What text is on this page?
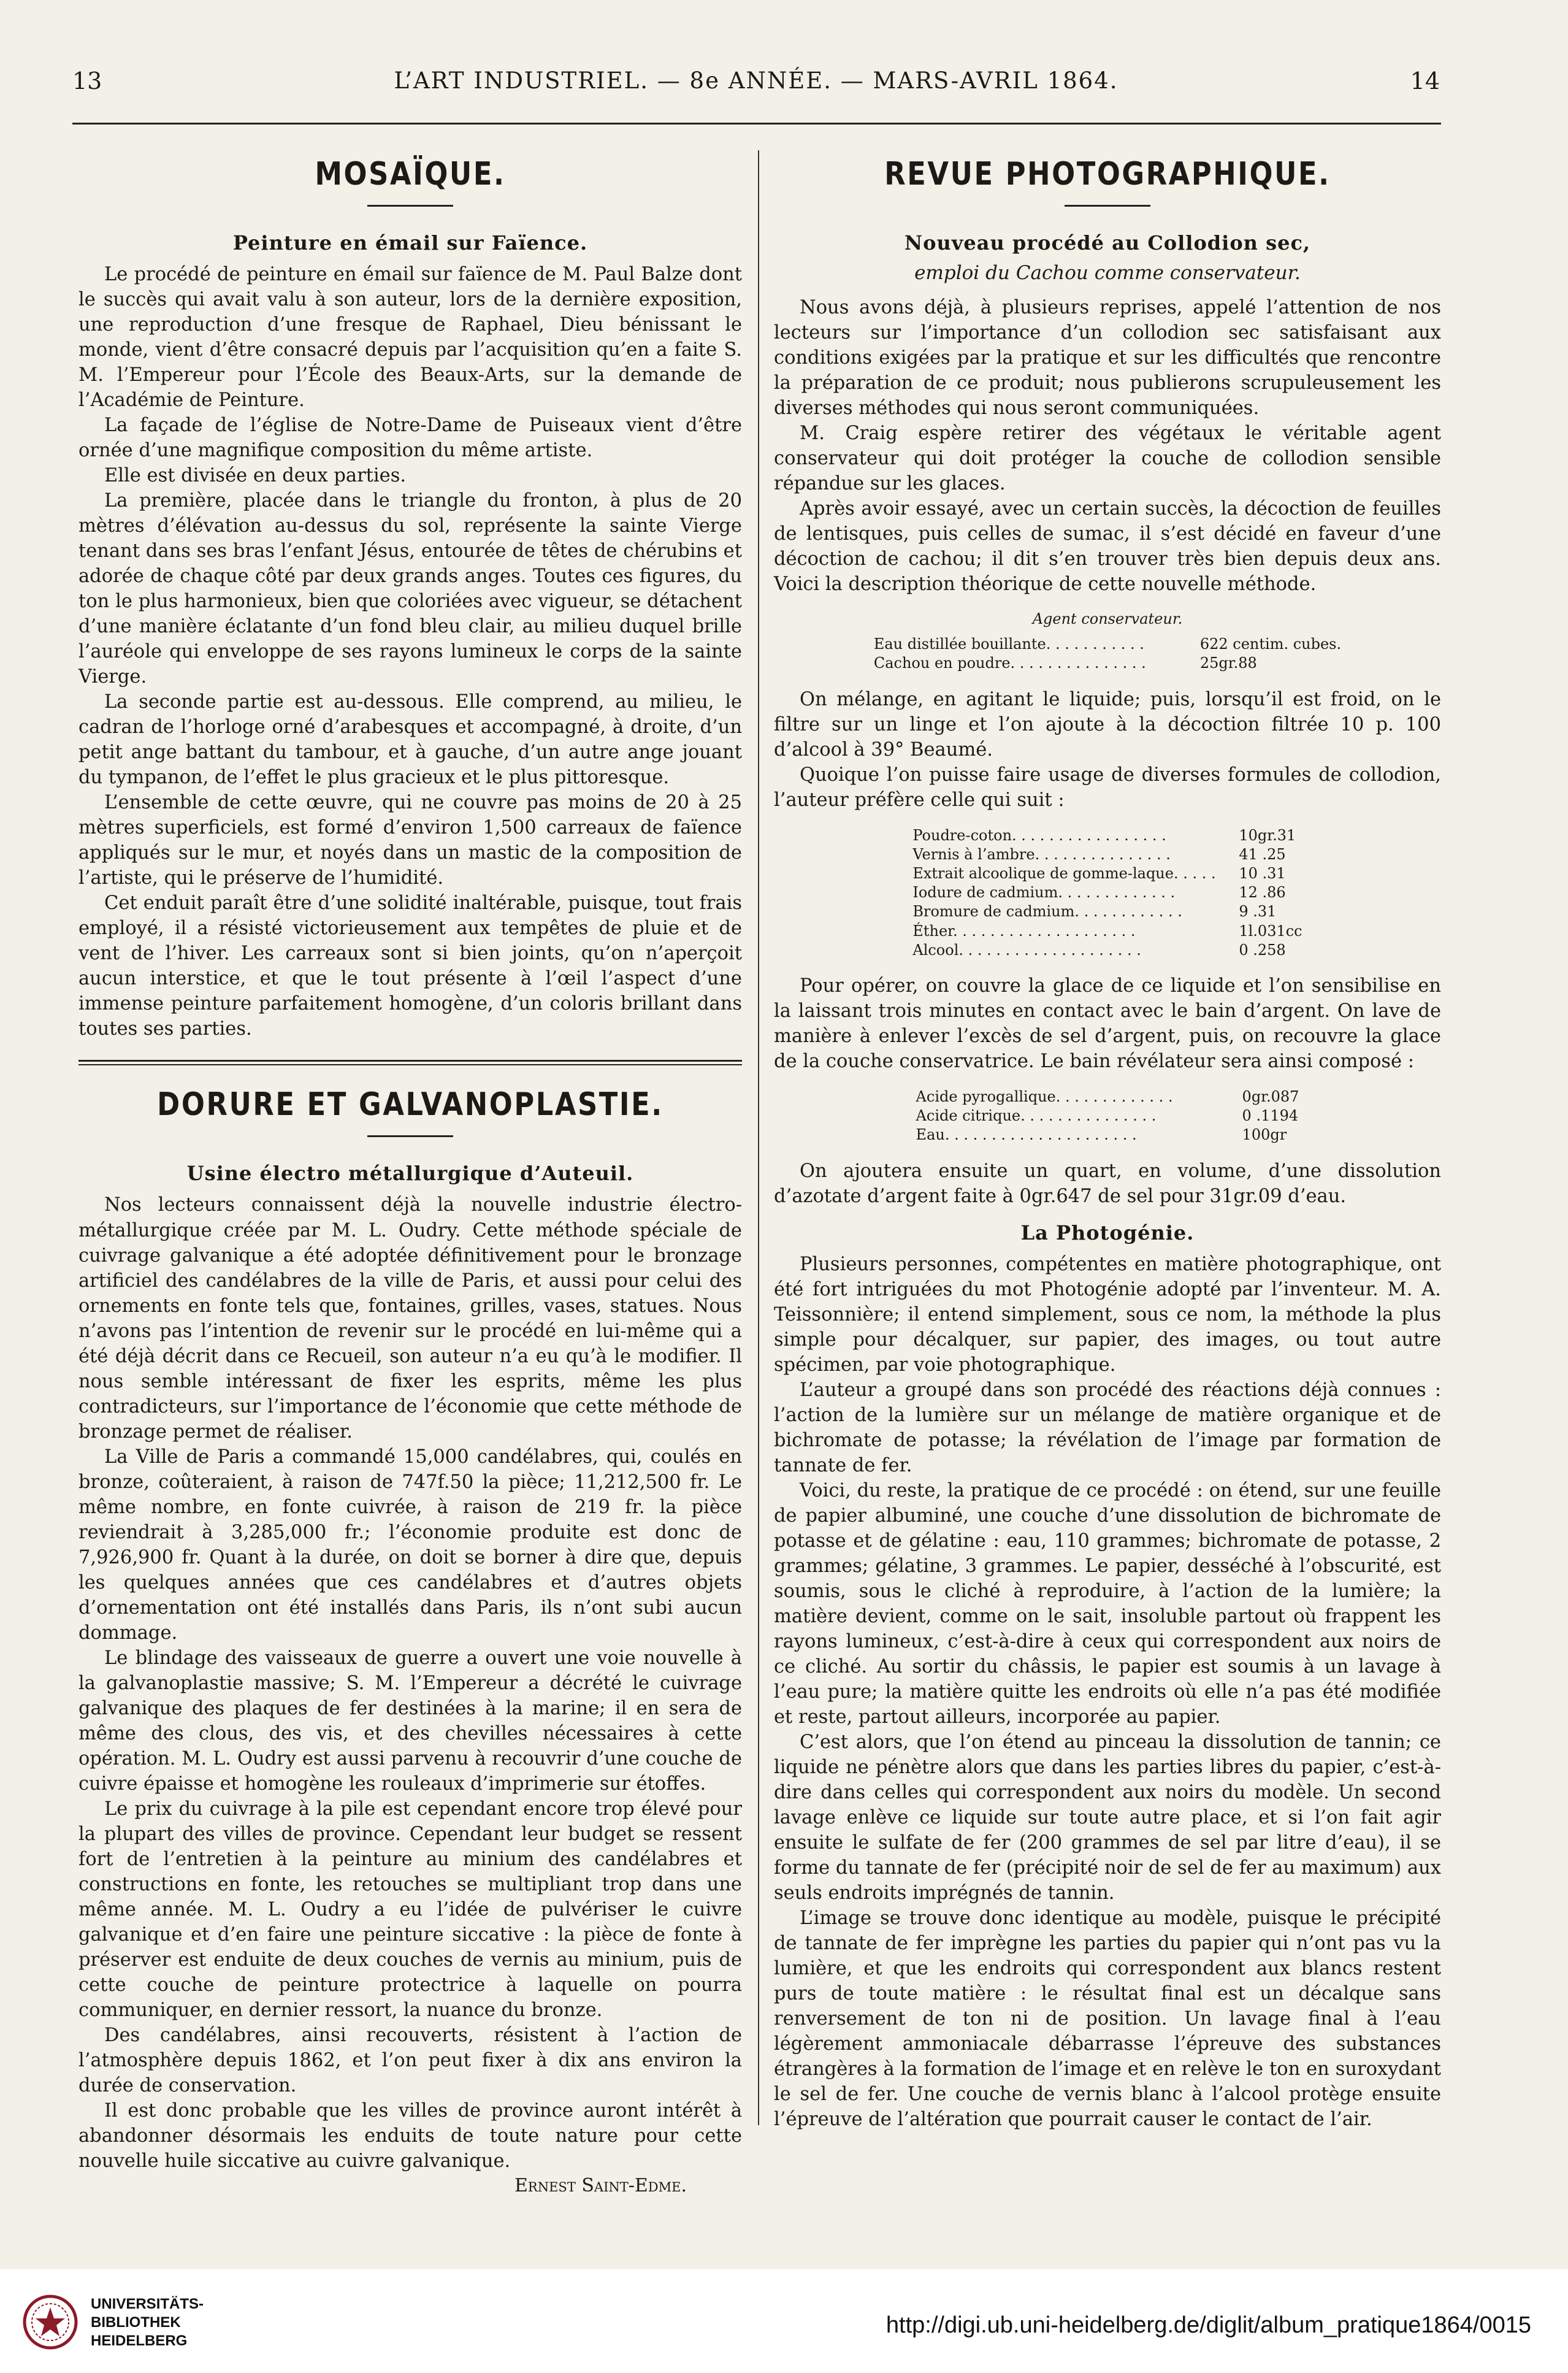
13	L’ART INDUSTRIEL. — 8e ANNÉE. — MARS-AVRIL 1864.	14
MOSAÏQUE.
Peinture en émail sur Faïence.

Le procédé de peinture en émail sur faïence de M. Paul Balze dont le succès qui avait valu à son auteur, lors de la dernière exposition, une reproduction d’une fresque de Raphael, Dieu bénissant le monde, vient d’être consacré depuis par l’acquisition qu’en a faite S. M. l’Empereur pour l’École des Beaux-Arts, sur la demande de l’Académie de Peinture.

La façade de l’église de Notre-Dame de Puiseaux vient d’être ornée d’une magnifique composition du même artiste.

Elle est divisée en deux parties.

La première, placée dans le triangle du fronton, à plus de 20 mètres d’élévation au-dessus du sol, représente la sainte Vierge tenant dans ses bras l’enfant Jésus, entourée de têtes de chérubins et adorée de chaque côté par deux grands anges. Toutes ces figures, du ton le plus harmonieux, bien que coloriées avec vigueur, se détachent d’une manière éclatante d’un fond bleu clair, au milieu duquel brille l’auréole qui enveloppe de ses rayons lumineux le corps de la sainte Vierge.

La seconde partie est au-dessous. Elle comprend, au milieu, le cadran de l’horloge orné d’arabesques et accompagné, à droite, d’un petit ange battant du tambour, et à gauche, d’un autre ange jouant du tympanon, de l’effet le plus gracieux et le plus pittoresque.

L’ensemble de cette œuvre, qui ne couvre pas moins de 20 à 25 mètres superficiels, est formé d’environ 1,500 carreaux de faïence appliqués sur le mur, et noyés dans un mastic de la composition de l’artiste, qui le préserve de l’humidité.

Cet enduit paraît être d’une solidité inaltérable, puisque, tout frais employé, il a résisté victorieusement aux tempêtes de pluie et de vent de l’hiver. Les carreaux sont si bien joints, qu’on n’aperçoit aucun interstice, et que le tout présente à l’œil l’aspect d’une immense peinture parfaitement homogène, d’un coloris brillant dans toutes ses parties.

DORURE ET GALVANOPLASTIE.
Usine électro métallurgique d’Auteuil.

Nos lecteurs connaissent déjà la nouvelle industrie électro-métallurgique créée par M. L. Oudry. Cette méthode spéciale de cuivrage galvanique a été adoptée définitivement pour le bronzage artificiel des candélabres de la ville de Paris, et aussi pour celui des ornements en fonte tels que, fontaines, grilles, vases, statues. Nous n’avons pas l’intention de revenir sur le procédé en lui-même qui a été déjà décrit dans ce Recueil, son auteur n’a eu qu’à le modifier. Il nous semble intéressant de fixer les esprits, même les plus contradicteurs, sur l’importance de l’économie que cette méthode de bronzage permet de réaliser.

La Ville de Paris a commandé 15,000 candélabres, qui, coulés en bronze, coûteraient, à raison de 747f.50 la pièce; 11,212,500 fr. Le même nombre, en fonte cuivrée, à raison de 219 fr. la pièce reviendrait à 3,285,000 fr.; l’économie produite est donc de 7,926,900 fr. Quant à la durée, on doit se borner à dire que, depuis les quelques années que ces candélabres et d’autres objets d’ornementation ont été installés dans Paris, ils n’ont subi aucun dommage.

Le blindage des vaisseaux de guerre a ouvert une voie nouvelle à la galvanoplastie massive; S. M. l’Empereur a décrété le cuivrage galvanique des plaques de fer destinées à la marine; il en sera de même des clous, des vis, et des chevilles nécessaires à cette opération. M. L. Oudry est aussi parvenu à recouvrir d’une couche de cuivre épaisse et homogène les rouleaux d’imprimerie sur étoffes.

Le prix du cuivrage à la pile est cependant encore trop élevé pour la plupart des villes de province. Cependant leur budget se ressent fort de l’entretien à la peinture au minium des candélabres et constructions en fonte, les retouches se multipliant trop dans une même année. M. L. Oudry a eu l’idée de pulvériser le cuivre galvanique et d’en faire une peinture siccative : la pièce de fonte à préserver est enduite de deux couches de vernis au minium, puis de cette couche de peinture protectrice à laquelle on pourra communiquer, en dernier ressort, la nuance du bronze.

Des candélabres, ainsi recouverts, résistent à l’action de l’atmosphère depuis 1862, et l’on peut fixer à dix ans environ la durée de conservation.

Il est donc probable que les villes de province auront intérêt à abandonner désormais les enduits de toute nature pour cette nouvelle huile siccative au cuivre galvanique.

Ernest Saint-Edme.
REVUE PHOTOGRAPHIQUE.
Nouveau procédé au Collodion sec,
emploi du Cachou comme conservateur.

Nous avons déjà, à plusieurs reprises, appelé l’attention de nos lecteurs sur l’importance d’un collodion sec satisfaisant aux conditions exigées par la pratique et sur les difficultés que rencontre la préparation de ce produit; nous publierons scrupuleusement les diverses méthodes qui nous seront communiquées.

M. Craig espère retirer des végétaux le véritable agent conservateur qui doit protéger la couche de collodion sensible répandue sur les glaces.

Après avoir essayé, avec un certain succès, la décoction de feuilles de lentisques, puis celles de sumac, il s’est décidé en faveur d’une décoction de cachou; il dit s’en trouver très bien depuis deux ans. Voici la description théorique de cette nouvelle méthode.

Agent conservateur.
Eau distillée bouillante. . . . . . . . . . .	622 centim. cubes.
Cachou en poudre. . . . . . . . . . . . . . .	25gr.88

On mélange, en agitant le liquide; puis, lorsqu’il est froid, on le filtre sur un linge et l’on ajoute à la décoction filtrée 10 p. 100 d’alcool à 39° Beaumé.

Quoique l’on puisse faire usage de diverses formules de collodion, l’auteur préfère celle qui suit :

Poudre-coton. . . . . . . . . . . . . . . . .	10gr.31
Vernis à l’ambre. . . . . . . . . . . . . . .	41 .25
Extrait alcoolique de gomme-laque. . . . .	10 .31
Iodure de cadmium. . . . . . . . . . . . .	12 .86
Bromure de cadmium. . . . . . . . . . . .	9 .31
Éther. . . . . . . . . . . . . . . . . . . .	1l.031cc
Alcool. . . . . . . . . . . . . . . . . . . .	0 .258

Pour opérer, on couvre la glace de ce liquide et l’on sensibilise en la laissant trois minutes en contact avec le bain d’argent. On lave de manière à enlever l’excès de sel d’argent, puis, on recouvre la glace de la couche conservatrice. Le bain révélateur sera ainsi composé :

Acide pyrogallique. . . . . . . . . . . . .	0gr.087
Acide citrique. . . . . . . . . . . . . . .	0 .1194
Eau. . . . . . . . . . . . . . . . . . . . .	100gr

On ajoutera ensuite un quart, en volume, d’une dissolution d’azotate d’argent faite à 0gr.647 de sel pour 31gr.09 d’eau.

La Photogénie.

Plusieurs personnes, compétentes en matière photographique, ont été fort intriguées du mot Photogénie adopté par l’inventeur. M. A. Teissonnière; il entend simplement, sous ce nom, la méthode la plus simple pour décalquer, sur papier, des images, ou tout autre spécimen, par voie photographique.

L’auteur a groupé dans son procédé des réactions déjà connues : l’action de la lumière sur un mélange de matière organique et de bichromate de potasse; la révélation de l’image par formation de tannate de fer.

Voici, du reste, la pratique de ce procédé : on étend, sur une feuille de papier albuminé, une couche d’une dissolution de bichromate de potasse et de gélatine : eau, 110 grammes; bichromate de potasse, 2 grammes; gélatine, 3 grammes. Le papier, desséché à l’obscurité, est soumis, sous le cliché à reproduire, à l’action de la lumière; la matière devient, comme on le sait, insoluble partout où frappent les rayons lumineux, c’est-à-dire à ceux qui correspondent aux noirs de ce cliché. Au sortir du châssis, le papier est soumis à un lavage à l’eau pure; la matière quitte les endroits où elle n’a pas été modifiée et reste, partout ailleurs, incorporée au papier.

C’est alors, que l’on étend au pinceau la dissolution de tannin; ce liquide ne pénètre alors que dans les parties libres du papier, c’est-à-dire dans celles qui correspondent aux noirs du modèle. Un second lavage enlève ce liquide sur toute autre place, et si l’on fait agir ensuite le sulfate de fer (200 grammes de sel par litre d’eau), il se forme du tannate de fer (précipité noir de sel de fer au maximum) aux seuls endroits imprégnés de tannin.

L’image se trouve donc identique au modèle, puisque le précipité de tannate de fer imprègne les parties du papier qui n’ont pas vu la lumière, et que les endroits qui correspondent aux blancs restent purs de toute matière : le résultat final est un décalque sans renversement de ton ni de position. Un lavage final à l’eau légèrement ammoniacale débarrasse l’épreuve des substances étrangères à la formation de l’image et en relève le ton en suroxydant le sel de fer. Une couche de vernis blanc à l’alcool protège ensuite l’épreuve de l’altération que pourrait causer le contact de l’air.

UNIVERSITÄTS-
BIBLIOTHEK
HEIDELBERG
http://digi.ub.uni-heidelberg.de/diglit/album_pratique1864/0015
